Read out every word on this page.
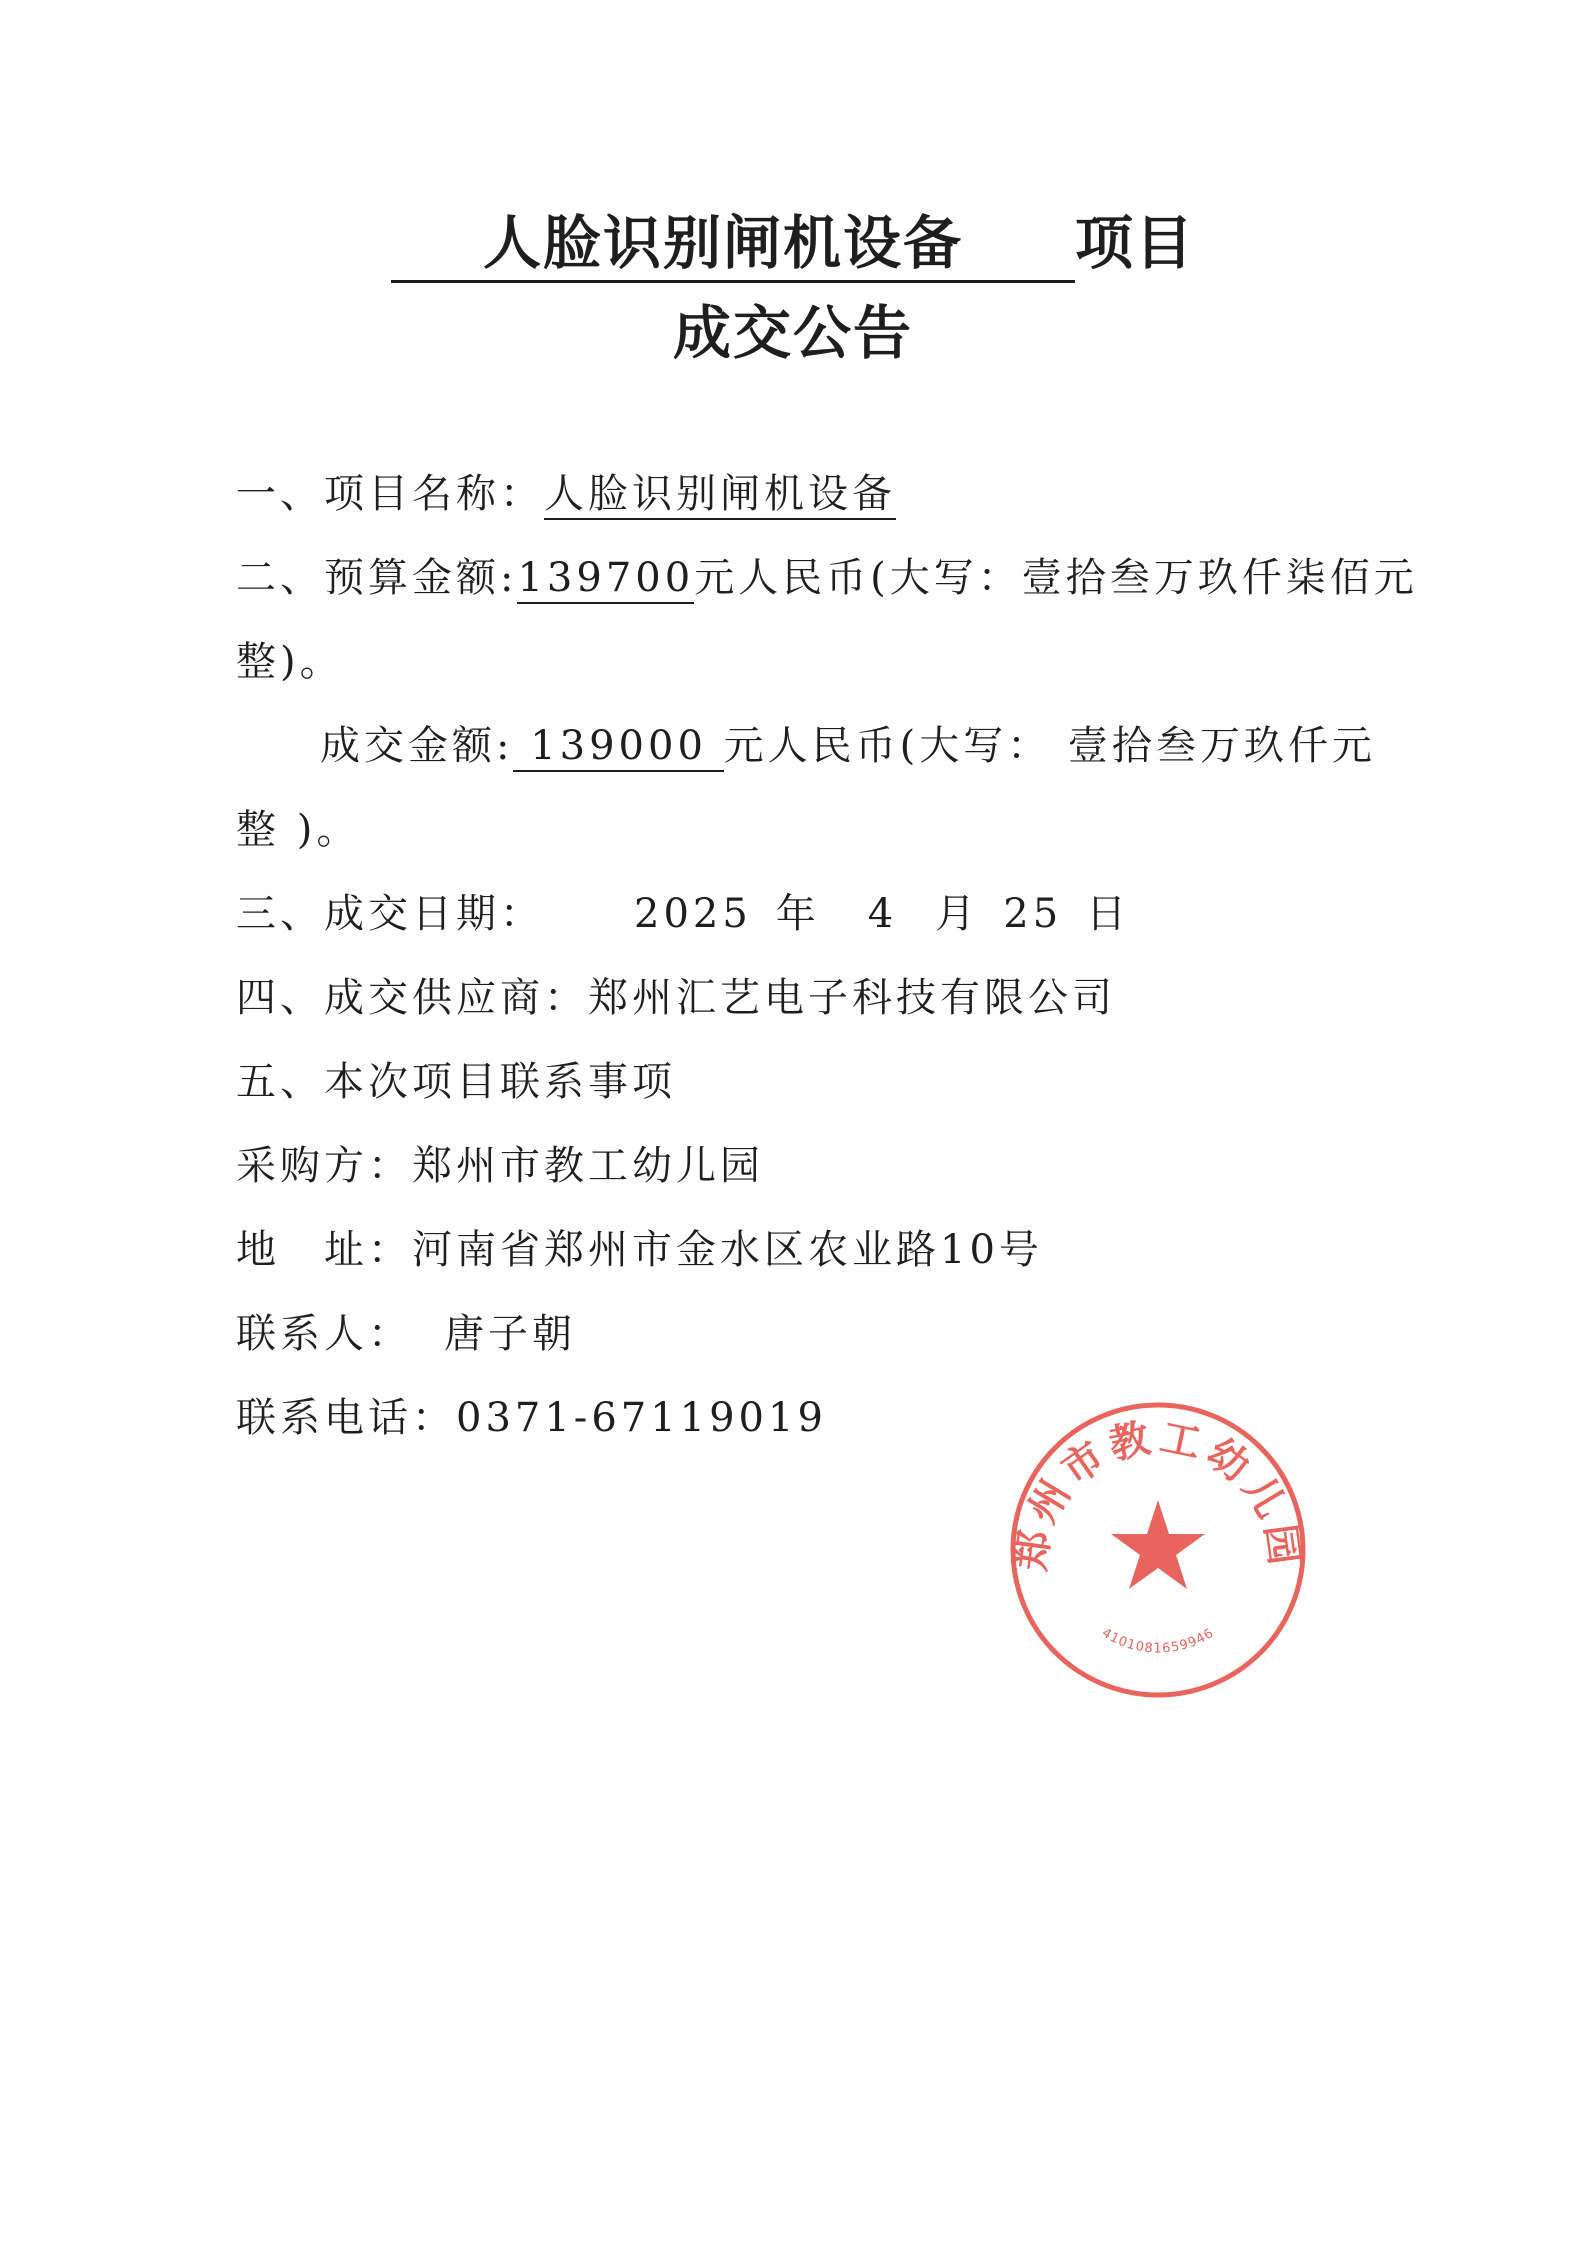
人脸识别闸机设备 项目
成交公告
一、项目名称：人脸识别闸机设备
二、预算金额:139700元人民币(大写：壹拾叁万玖仟柒佰元
整)。
成交金额: 139000 元人民币(大写： 壹拾叁万玖仟元
整 )。
三、成交日期： 2025 年 4 月 25 日
四、成交供应商：郑州汇艺电子科技有限公司
五、本次项目联系事项
采购方：郑州市教工幼儿园
地　址：河南省郑州市金水区农业路10号
联系人： 唐子朝
联系电话：0371-67119019
郑州市教工幼儿园
4101081659946
